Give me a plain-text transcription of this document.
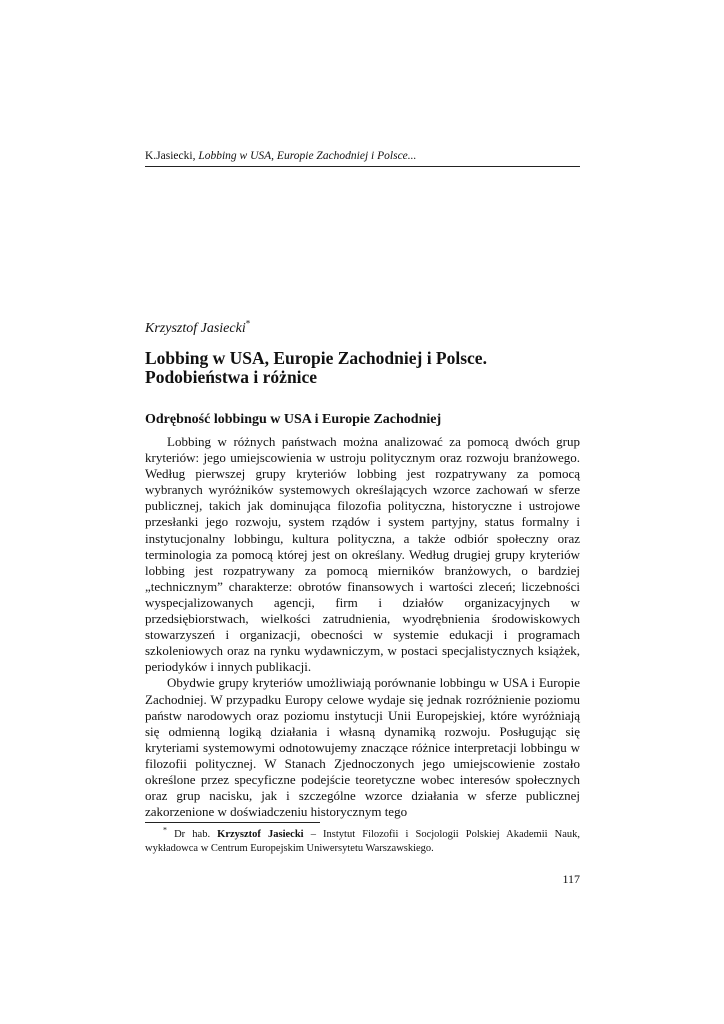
K.Jasiecki, Lobbing w USA, Europie Zachodniej i Polsce...
Krzysztof Jasiecki*
Lobbing w USA, Europie Zachodniej i Polsce.
Podobieństwa i różnice
Odrębność lobbingu w USA i Europie Zachodniej

Lobbing w różnych państwach można analizować za pomocą dwóch grup kryteriów: jego umiejscowienia w ustroju politycznym oraz rozwoju branżowego. Według pierwszej grupy kryteriów lobbing jest rozpatrywany za pomocą wybranych wyróżników systemowych określających wzorce zachowań w sferze publicznej, takich jak dominująca filozofia polityczna, historyczne i ustrojowe przesłanki jego rozwoju, system rządów i system partyjny, status formalny i instytucjonalny lobbingu, kultura polityczna, a także odbiór społeczny oraz terminologia za pomocą której jest on określany. Według drugiej grupy kryteriów lobbing jest rozpatrywany za pomocą mierników branżowych, o bardziej „technicznym” charakterze: obrotów finansowych i wartości zleceń; liczebności wyspecjalizowanych agencji, firm i działów organizacyjnych w przedsiębiorstwach, wielkości zatrudnienia, wyodrębnienia środowiskowych stowarzyszeń i organizacji, obecności w systemie edukacji i programach szkoleniowych oraz na rynku wydawniczym, w postaci specjalistycznych książek, periodyków i innych publikacji.

Obydwie grupy kryteriów umożliwiają porównanie lobbingu w USA i Europie Zachodniej. W przypadku Europy celowe wydaje się jednak rozróżnienie poziomu państw narodowych oraz poziomu instytucji Unii Europejskiej, które wyróżniają się odmienną logiką działania i własną dynamiką rozwoju. Posługując się kryteriami systemowymi odnotowujemy znaczące różnice interpretacji lobbingu w filozofii politycznej. W Stanach Zjednoczonych jego umiejscowienie zostało określone przez specyficzne podejście teoretyczne wobec interesów społecznych oraz grup nacisku, jak i szczególne wzorce działania w sferze publicznej zakorzenione w doświadczeniu historycznym tego

* Dr hab. Krzysztof Jasiecki – Instytut Filozofii i Socjologii Polskiej Akademii Nauk, wykładowca w Centrum Europejskim Uniwersytetu Warszawskiego.
117
